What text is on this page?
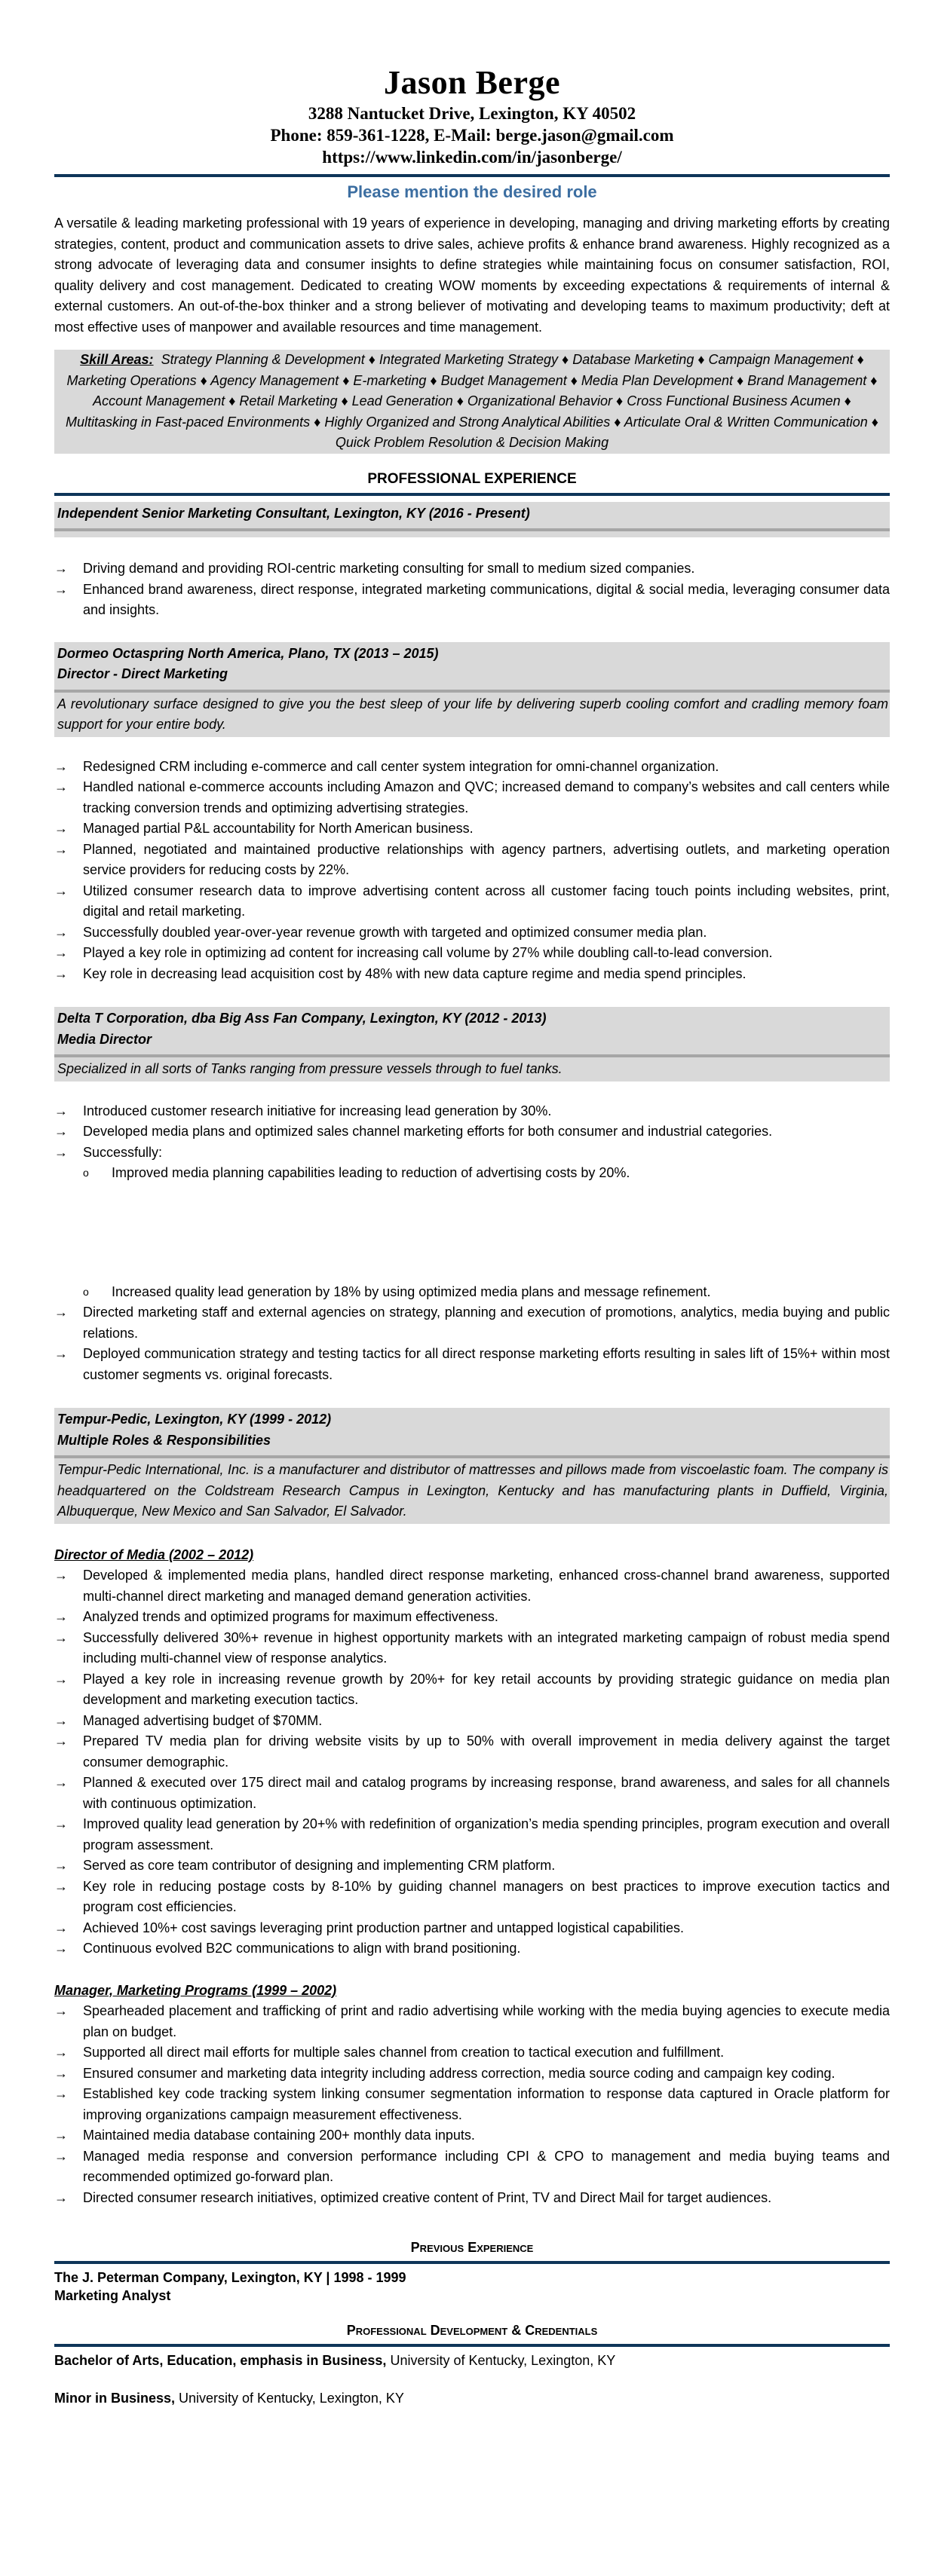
Jason Berge
3288 Nantucket Drive, Lexington, KY 40502
Phone: 859-361-1228, E-Mail: berge.jason@gmail.com
https://www.linkedin.com/in/jasonberge/
Please mention the desired role
A versatile & leading marketing professional with 19 years of experience in developing, managing and driving marketing efforts by creating strategies, content, product and communication assets to drive sales, achieve profits & enhance brand awareness. Highly recognized as a strong advocate of leveraging data and consumer insights to define strategies while maintaining focus on consumer satisfaction, ROI, quality delivery and cost management. Dedicated to creating WOW moments by exceeding expectations & requirements of internal & external customers. An out-of-the-box thinker and a strong believer of motivating and developing teams to maximum productivity; deft at most effective uses of manpower and available resources and time management.
Skill Areas: Strategy Planning & Development ♦ Integrated Marketing Strategy ♦ Database Marketing ♦ Campaign Management ♦ Marketing Operations ♦ Agency Management ♦ E-marketing ♦ Budget Management ♦ Media Plan Development ♦ Brand Management ♦ Account Management ♦ Retail Marketing ♦ Lead Generation ♦ Organizational Behavior ♦ Cross Functional Business Acumen ♦ Multitasking in Fast-paced Environments ♦ Highly Organized and Strong Analytical Abilities ♦ Articulate Oral & Written Communication ♦ Quick Problem Resolution & Decision Making
PROFESSIONAL EXPERIENCE
Independent Senior Marketing Consultant, Lexington, KY (2016 - Present)
→ Driving demand and providing ROI-centric marketing consulting for small to medium sized companies.
→ Enhanced brand awareness, direct response, integrated marketing communications, digital & social media, leveraging consumer data and insights.
Dormeo Octaspring North America, Plano, TX (2013 – 2015)
Director - Direct Marketing
A revolutionary surface designed to give you the best sleep of your life by delivering superb cooling comfort and cradling memory foam support for your entire body.
→ Redesigned CRM including e-commerce and call center system integration for omni-channel organization.
→ Handled national e-commerce accounts including Amazon and QVC; increased demand to company’s websites and call centers while tracking conversion trends and optimizing advertising strategies.
→ Managed partial P&L accountability for North American business.
→ Planned, negotiated and maintained productive relationships with agency partners, advertising outlets, and marketing operation service providers for reducing costs by 22%.
→ Utilized consumer research data to improve advertising content across all customer facing touch points including websites, print, digital and retail marketing.
→ Successfully doubled year-over-year revenue growth with targeted and optimized consumer media plan.
→ Played a key role in optimizing ad content for increasing call volume by 27% while doubling call-to-lead conversion.
→ Key role in decreasing lead acquisition cost by 48% with new data capture regime and media spend principles.
Delta T Corporation, dba Big Ass Fan Company, Lexington, KY (2012 - 2013)
Media Director
Specialized in all sorts of Tanks ranging from pressure vessels through to fuel tanks.
→ Introduced customer research initiative for increasing lead generation by 30%.
→ Developed media plans and optimized sales channel marketing efforts for both consumer and industrial categories.
→ Successfully:
o Improved media planning capabilities leading to reduction of advertising costs by 20%.
o Increased quality lead generation by 18% by using optimized media plans and message refinement.
→ Directed marketing staff and external agencies on strategy, planning and execution of promotions, analytics, media buying and public relations.
→ Deployed communication strategy and testing tactics for all direct response marketing efforts resulting in sales lift of 15%+ within most customer segments vs. original forecasts.
Tempur-Pedic, Lexington, KY (1999 - 2012)
Multiple Roles & Responsibilities
Tempur-Pedic International, Inc. is a manufacturer and distributor of mattresses and pillows made from viscoelastic foam. The company is headquartered on the Coldstream Research Campus in Lexington, Kentucky and has manufacturing plants in Duffield, Virginia, Albuquerque, New Mexico and San Salvador, El Salvador.
Director of Media (2002 – 2012)
→ Developed & implemented media plans, handled direct response marketing, enhanced cross-channel brand awareness, supported multi-channel direct marketing and managed demand generation activities.
→ Analyzed trends and optimized programs for maximum effectiveness.
→ Successfully delivered 30%+ revenue in highest opportunity markets with an integrated marketing campaign of robust media spend including multi-channel view of response analytics.
→ Played a key role in increasing revenue growth by 20%+ for key retail accounts by providing strategic guidance on media plan development and marketing execution tactics.
→ Managed advertising budget of $70MM.
→ Prepared TV media plan for driving website visits by up to 50% with overall improvement in media delivery against the target consumer demographic.
→ Planned & executed over 175 direct mail and catalog programs by increasing response, brand awareness, and sales for all channels with continuous optimization.
→ Improved quality lead generation by 20+% with redefinition of organization’s media spending principles, program execution and overall program assessment.
→ Served as core team contributor of designing and implementing CRM platform.
→ Key role in reducing postage costs by 8-10% by guiding channel managers on best practices to improve execution tactics and program cost efficiencies.
→ Achieved 10%+ cost savings leveraging print production partner and untapped logistical capabilities.
→ Continuous evolved B2C communications to align with brand positioning.
Manager, Marketing Programs (1999 – 2002)
→ Spearheaded placement and trafficking of print and radio advertising while working with the media buying agencies to execute media plan on budget.
→ Supported all direct mail efforts for multiple sales channel from creation to tactical execution and fulfillment.
→ Ensured consumer and marketing data integrity including address correction, media source coding and campaign key coding.
→ Established key code tracking system linking consumer segmentation information to response data captured in Oracle platform for improving organizations campaign measurement effectiveness.
→ Maintained media database containing 200+ monthly data inputs.
→ Managed media response and conversion performance including CPI & CPO to management and media buying teams and recommended optimized go-forward plan.
→ Directed consumer research initiatives, optimized creative content of Print, TV and Direct Mail for target audiences.
Previous Experience
The J. Peterman Company, Lexington, KY | 1998 - 1999
Marketing Analyst
Professional Development & Credentials
Bachelor of Arts, Education, emphasis in Business, University of Kentucky, Lexington, KY
Minor in Business, University of Kentucky, Lexington, KY
